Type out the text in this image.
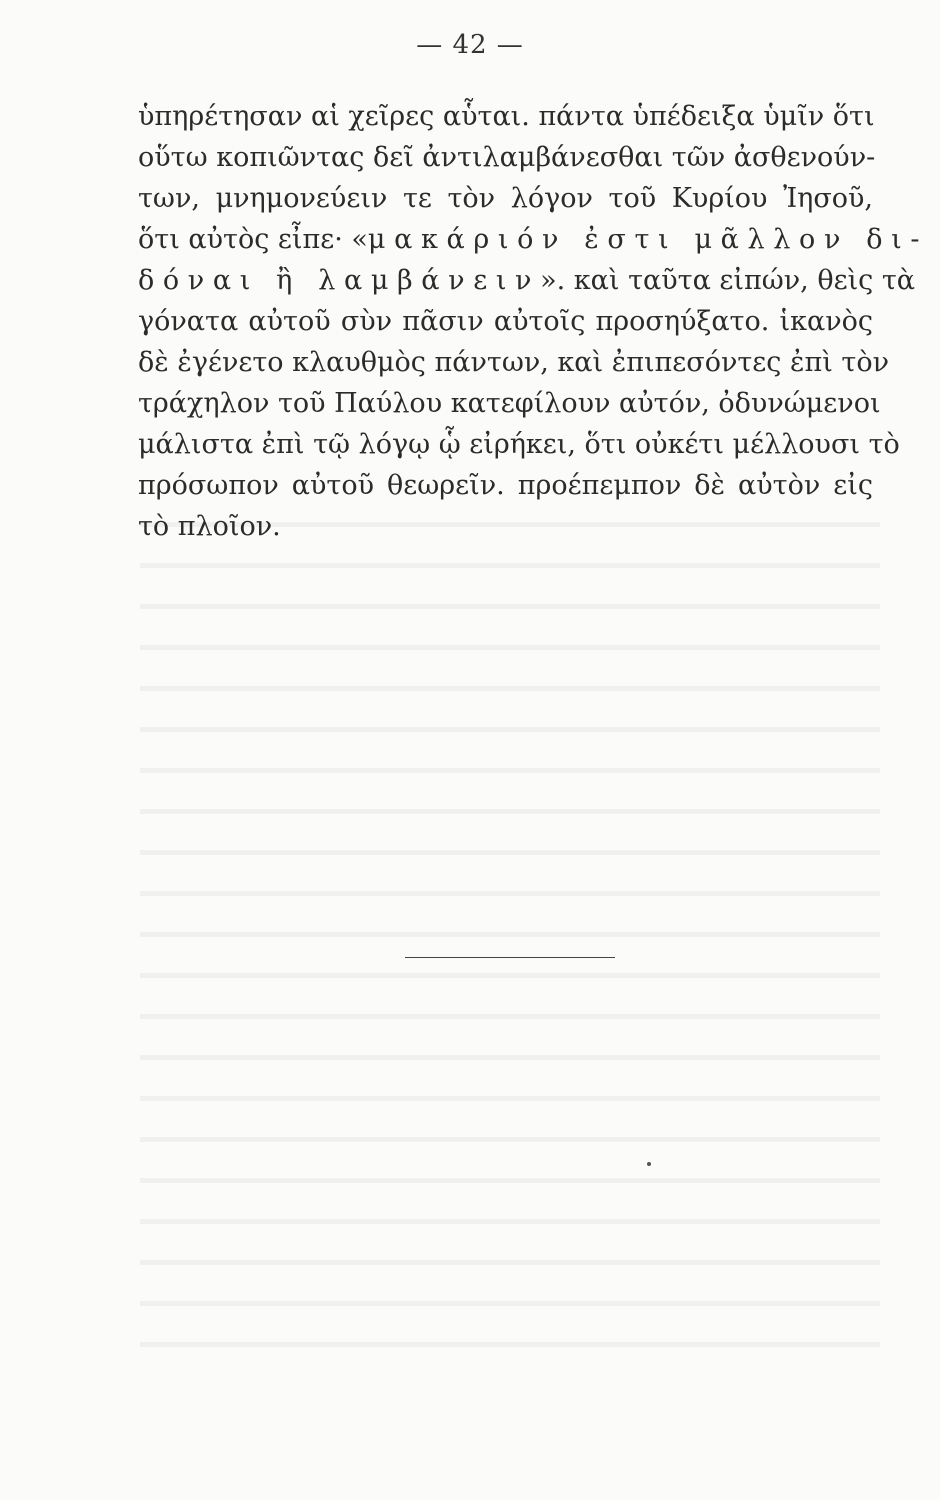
— 42 —
ὑπηρέτησαν αἱ χεῖρες αὗται. πάντα ὑπέδειξα ὑμῖν ὅτι
οὕτω κοπιῶντας δεῖ ἀντιλαμβάνεσθαι τῶν ἀσθενούν-
των, μνημονεύειν τε τὸν λόγον τοῦ Κυρίου Ἰησοῦ,
ὅτι αὐτὸς εἶπε· «μακάριόν ἐστι μᾶλλον δι-
δόναι ἢ λαμβάνειν». καὶ ταῦτα εἰπών, θεὶς τὰ
γόνατα αὐτοῦ σὺν πᾶσιν αὐτοῖς προσηύξατο. ἱκανὸς
δὲ ἐγένετο κλαυθμὸς πάντων, καὶ ἐπιπεσόντες ἐπὶ τὸν
τράχηλον τοῦ Παύλου κατεφίλουν αὐτόν, ὀδυνώμενοι
μάλιστα ἐπὶ τῷ λόγῳ ᾧ εἰρήκει, ὅτι οὐκέτι μέλλουσι τὸ
πρόσωπον αὐτοῦ θεωρεῖν. προέπεμπον δὲ αὐτὸν εἰς
τὸ πλοῖον.
